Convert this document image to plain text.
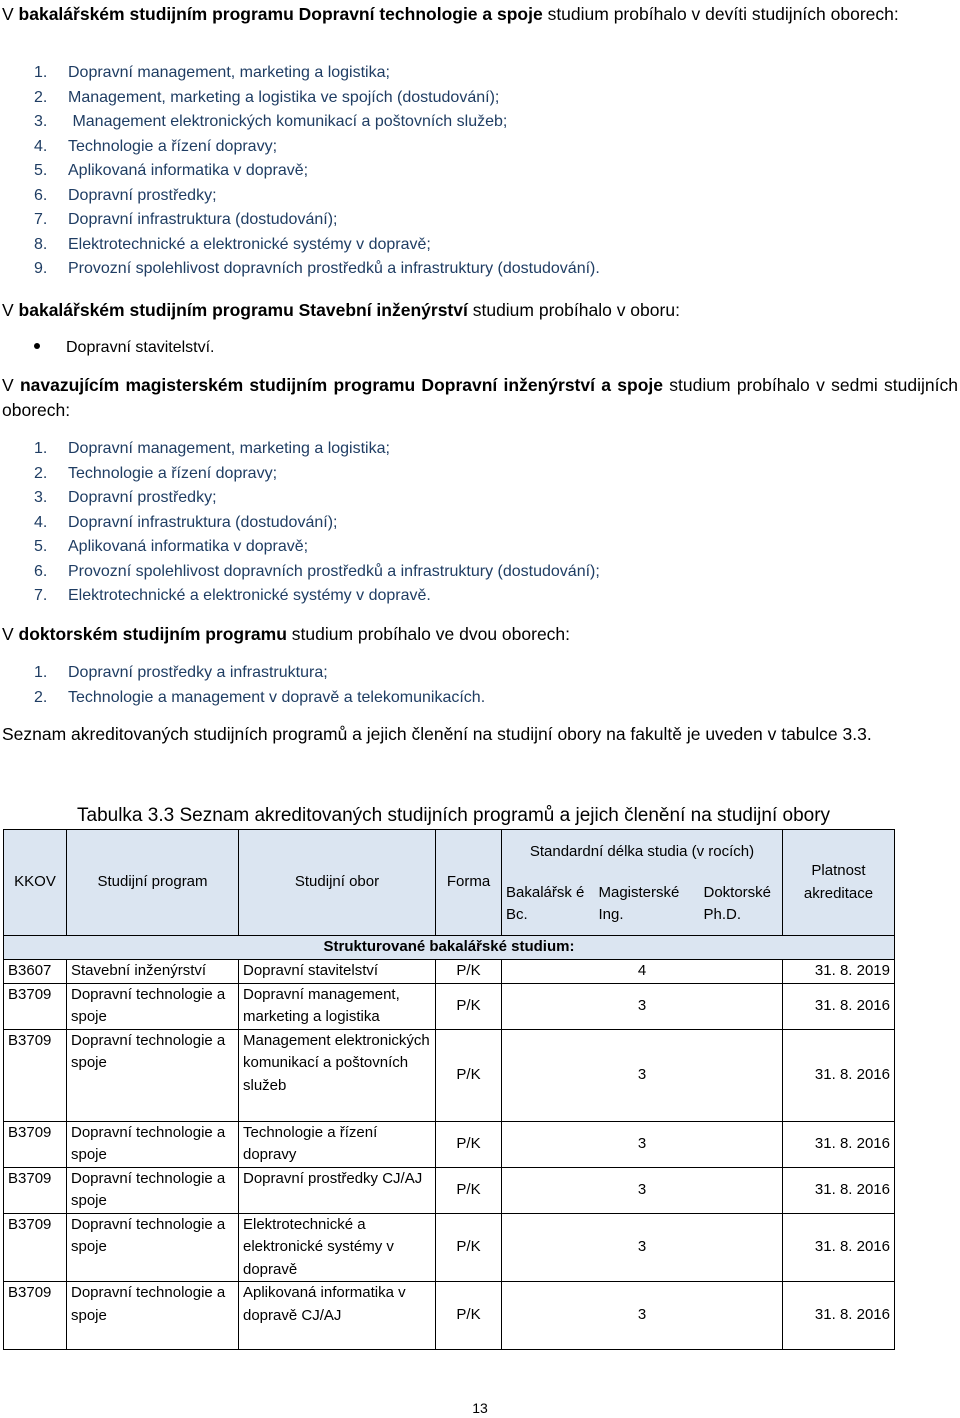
V bakalářském studijním programu Dopravní technologie a spoje studium probíhalo v devíti studijních oborech:
1. Dopravní management, marketing a logistika;
2. Management, marketing a logistika ve spojích (dostudování);
3. Management elektronických komunikací a poštovních služeb;
4. Technologie a řízení dopravy;
5. Aplikovaná informatika v dopravě;
6. Dopravní prostředky;
7. Dopravní infrastruktura (dostudování);
8. Elektrotechnické a elektronické systémy v dopravě;
9. Provozní spolehlivost dopravních prostředků a infrastruktury (dostudování).
V bakalářském studijním programu Stavební inženýrství studium probíhalo v oboru:
Dopravní stavitelství.
V navazujícím magisterském studijním programu Dopravní inženýrství a spoje studium probíhalo v sedmi studijních oborech:
1. Dopravní management, marketing a logistika;
2. Technologie a řízení dopravy;
3. Dopravní prostředky;
4. Dopravní infrastruktura (dostudování);
5. Aplikovaná informatika v dopravě;
6. Provozní spolehlivost dopravních prostředků a infrastruktury (dostudování);
7. Elektrotechnické a elektronické systémy v dopravě.
V doktorském studijním programu studium probíhalo ve dvou oborech:
1. Dopravní prostředky a infrastruktura;
2. Technologie a management v dopravě a telekomunikacích.
Seznam akreditovaných studijních programů a jejich členění na studijní obory na fakultě je uveden v tabulce 3.3.
Tabulka 3.3 Seznam akreditovaných studijních programů a jejich členění na studijní obory
KKOV	Studijní program	Studijní obor	Forma	Standardní délka studia (v rocích)			Platnost akreditace

				Bakalářsk é Bc.	Magisterské Ing.	Doktorské Ph.D.	

Strukturované bakalářské studium:							
B3607	Stavební inženýrství	Dopravní stavitelství	P/K	4			31. 8. 2019
B3709	Dopravní technologie a spoje	Dopravní management, marketing a logistika	P/K	3			31. 8. 2016
B3709	Dopravní technologie a spoje	Management elektronických komunikací a poštovních služeb	P/K	3			31. 8. 2016
B3709	Dopravní technologie a spoje	Technologie a řízení dopravy	P/K	3			31. 8. 2016
B3709	Dopravní technologie a spoje	Dopravní prostředky CJ/AJ	P/K	3			31. 8. 2016
B3709	Dopravní technologie a spoje	Elektrotechnické a elektronické systémy v dopravě	P/K	3			31. 8. 2016
B3709	Dopravní technologie a spoje	Aplikovaná informatika v dopravě CJ/AJ	P/K	3			31. 8. 2016
13
